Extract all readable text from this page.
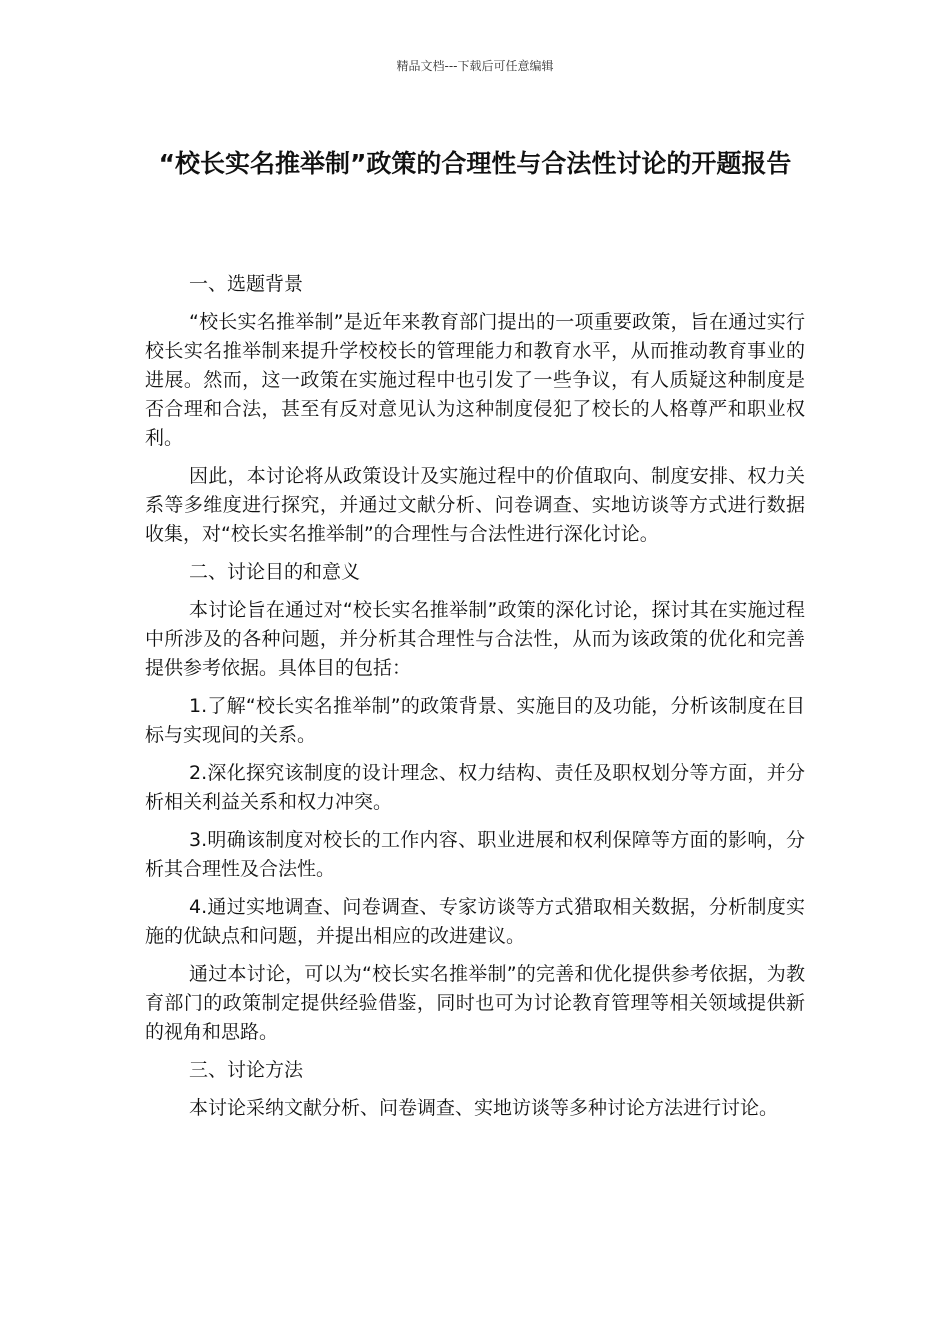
精品文档---下载后可任意编辑
“校长实名推举制”政策的合理性与合法性讨论的开题报告
一、选题背景

“校长实名推举制”是近年来教育部门提出的一项重要政策，旨在通过实行校长实名推举制来提升学校校长的管理能力和教育水平，从而推动教育事业的进展。然而，这一政策在实施过程中也引发了一些争议，有人质疑这种制度是否合理和合法，甚至有反对意见认为这种制度侵犯了校长的人格尊严和职业权利。

因此，本讨论将从政策设计及实施过程中的价值取向、制度安排、权力关系等多维度进行探究，并通过文献分析、问卷调查、实地访谈等方式进行数据收集，对“校长实名推举制”的合理性与合法性进行深化讨论。

二、讨论目的和意义

本讨论旨在通过对“校长实名推举制”政策的深化讨论，探讨其在实施过程中所涉及的各种问题，并分析其合理性与合法性，从而为该政策的优化和完善提供参考依据。具体目的包括：

1.了解“校长实名推举制”的政策背景、实施目的及功能，分析该制度在目标与实现间的关系。

2.深化探究该制度的设计理念、权力结构、责任及职权划分等方面，并分析相关利益关系和权力冲突。

3.明确该制度对校长的工作内容、职业进展和权利保障等方面的影响，分析其合理性及合法性。

4.通过实地调查、问卷调查、专家访谈等方式猎取相关数据，分析制度实施的优缺点和问题，并提出相应的改进建议。

通过本讨论，可以为“校长实名推举制”的完善和优化提供参考依据，为教育部门的政策制定提供经验借鉴，同时也可为讨论教育管理等相关领域提供新的视角和思路。

三、讨论方法

本讨论采纳文献分析、问卷调查、实地访谈等多种讨论方法进行讨论。
